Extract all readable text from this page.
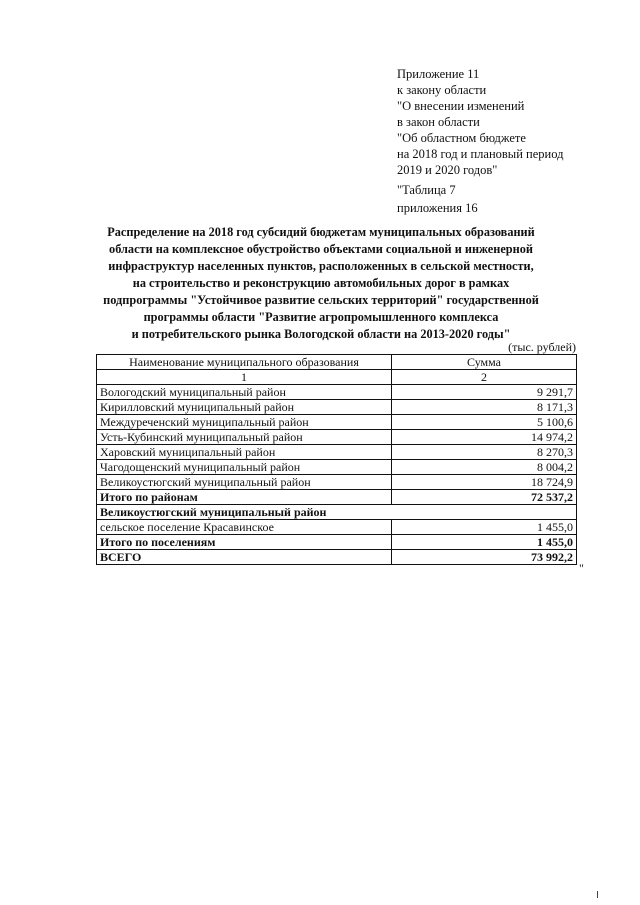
Приложение 11
к закону области
"О внесении изменений
в закон области
"Об областном бюджете
на 2018 год и плановый период
2019 и 2020 годов"
"Таблица 7
приложения 16
Распределение на 2018 год субсидий бюджетам муниципальных образований
области на комплексное обустройство объектами социальной и инженерной
инфраструктур населенных пунктов, расположенных в сельской местности,
на строительство и реконструкцию автомобильных дорог в рамках
подпрограммы "Устойчивое развитие сельских территорий" государственной
программы области "Развитие агропромышленного комплекса
и потребительского рынка Вологодской области на 2013-2020 годы"
(тыс. рублей)
Наименование муниципального образования	Сумма
1	2
Вологодский муниципальный район	9 291,7
Кирилловский муниципальный район	8 171,3
Междуреченский муниципальный район	5 100,6
Усть-Кубинский муниципальный район	14 974,2
Харовский муниципальный район	8 270,3
Чагодощенский муниципальный район	8 004,2
Великоустюгский муниципальный район	18 724,9
Итого по районам	72 537,2
Великоустюгский муниципальный район	
сельское поселение Красавинское	1 455,0
Итого по поселениям	1 455,0
ВСЕГО	73 992,2
"
